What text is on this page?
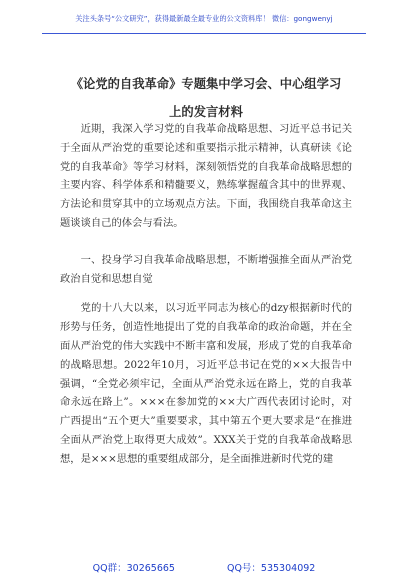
关注头条号“公文研究”，获得最新最全最专业的公文资料库！ 微信：gongwenyj
《论党的自我革命》专题集中学习会、中心组学习上的发言材料

近期，我深入学习党的自我革命战略思想、习近平总书记关于全面从严治党的重要论述和重要指示批示精神，认真研读《论党的自我革命》等学习材料，深刻领悟党的自我革命战略思想的主要内容、科学体系和精髓要义，熟练掌握蕴含其中的世界观、方法论和贯穿其中的立场观点方法。下面，我围绕自我革命这主题谈谈自己的体会与看法。

一、投身学习自我革命战略思想，不断增强推全面从严治党政治自觉和思想自觉

党的十八大以来，以习近平同志为核心的dzy根据新时代的形势与任务，创造性地提出了党的自我革命的政治命题，并在全面从严治党的伟大实践中不断丰富和发展，形成了党的自我革命的战略思想。2022年10月，习近平总书记在党的××大报告中强调，“全党必须牢记，全面从严治党永远在路上，党的自我革命永远在路上”。×××在参加党的××大广西代表团讨论时，对广西提出“五个更大”重要要求，其中第五个更大要求是“在推进全面从严治党上取得更大成效”。XXX关于党的自我革命战略思想，是×××思想的重要组成部分，是全面推进新时代党的建

QQ群：30265665	QQ号：535304092
